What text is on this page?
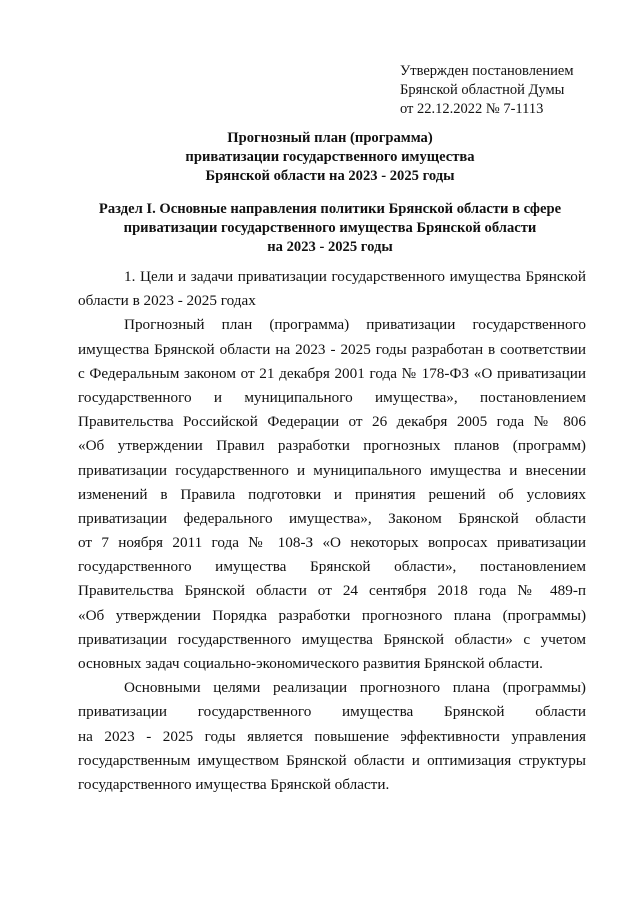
Утвержден постановлением
Брянской областной Думы
от 22.12.2022 № 7-1113
Прогнозный план (программа)
приватизации государственного имущества
Брянской области на 2023 - 2025 годы
Раздел I. Основные направления политики Брянской области в сфере
приватизации государственного имущества Брянской области
на 2023 - 2025 годы
1. Цели и задачи приватизации государственного имущества Брянской
области в 2023 - 2025 годах
Прогнозный план (программа) приватизации государственного
имущества Брянской области на 2023 - 2025 годы разработан в соответствии
с Федеральным законом от 21 декабря 2001 года № 178-ФЗ «О приватизации
государственного и муниципального имущества», постановлением
Правительства Российской Федерации от 26 декабря 2005 года № 806
«Об утверждении Правил разработки прогнозных планов (программ)
приватизации государственного и муниципального имущества и внесении
изменений в Правила подготовки и принятия решений об условиях
приватизации федерального имущества», Законом Брянской области
от 7 ноября 2011 года № 108-З «О некоторых вопросах приватизации
государственного имущества Брянской области», постановлением
Правительства Брянской области от 24 сентября 2018 года № 489-п
«Об утверждении Порядка разработки прогнозного плана (программы)
приватизации государственного имущества Брянской области» с учетом
основных задач социально-экономического развития Брянской области.
Основными целями реализации прогнозного плана (программы)
приватизации государственного имущества Брянской области
на 2023 - 2025 годы является повышение эффективности управления
государственным имуществом Брянской области и оптимизация структуры
государственного имущества Брянской области.
